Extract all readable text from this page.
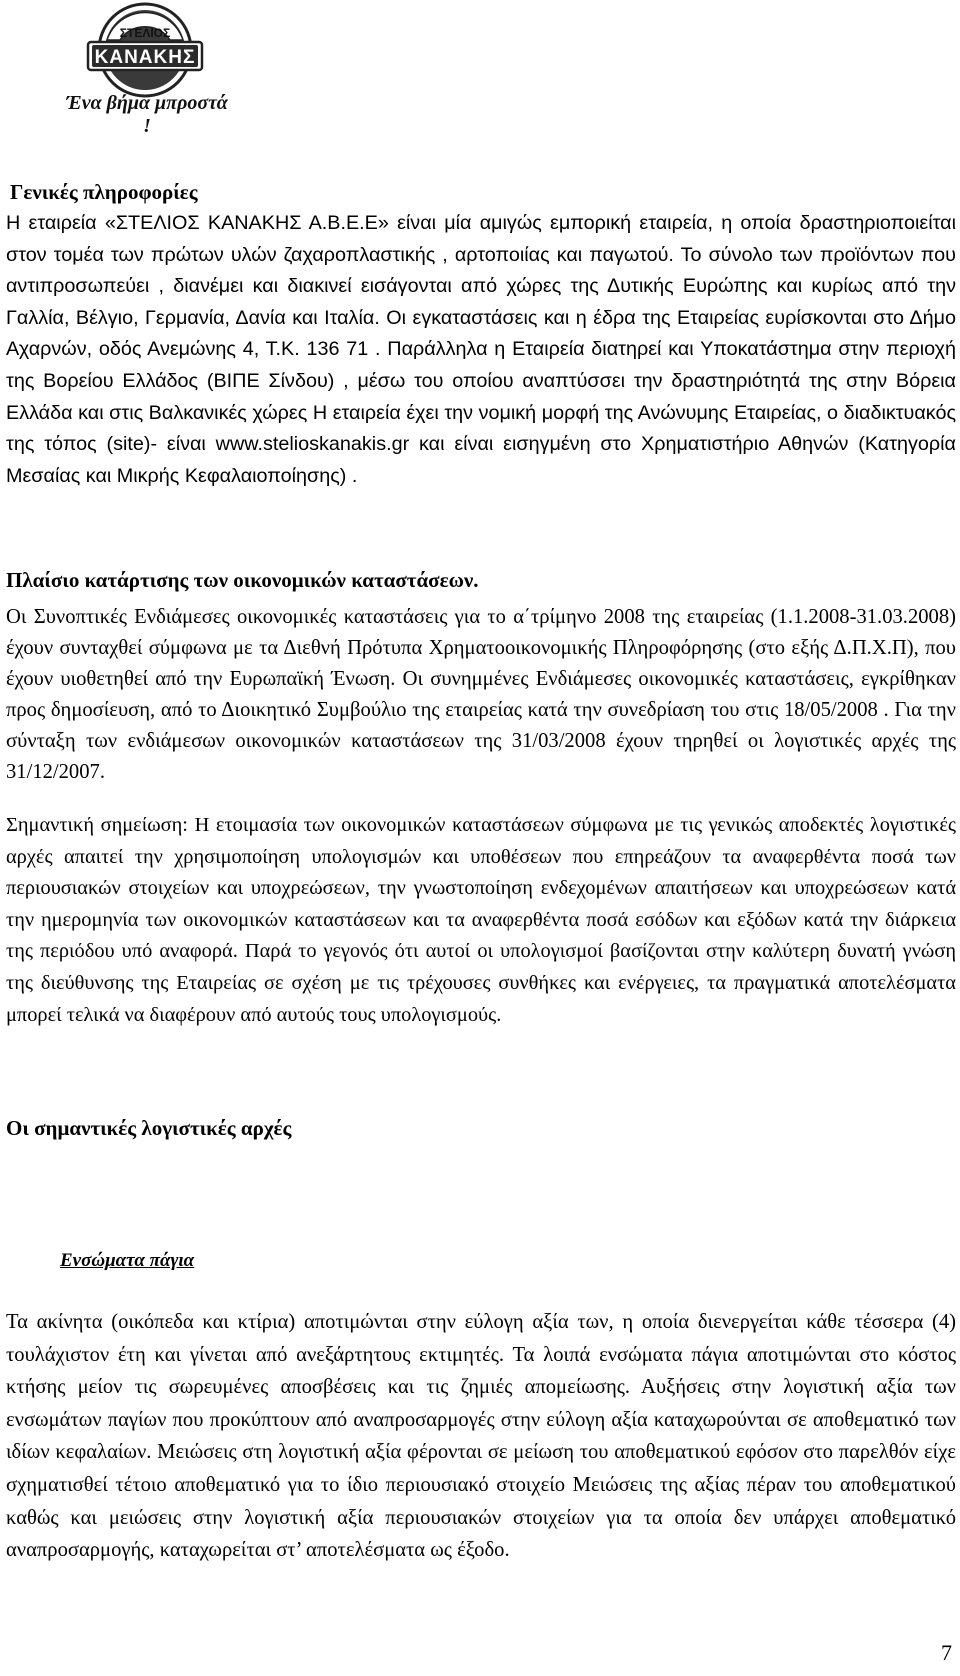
ΣΤΕΛΙΟΣ
ΚΑΝΑΚΗΣ
Ένα βήμα μπροστά !
Γενικές πληροφορίες

Η εταιρεία «ΣΤΕΛΙΟΣ ΚΑΝΑΚΗΣ Α.Β.Ε.Ε» είναι μία αμιγώς εμπορική εταιρεία, η οποία δραστηριοποιείται στον τομέα των πρώτων υλών ζαχαροπλαστικής , αρτοποιίας και παγωτού. Το σύνολο των προϊόντων που αντιπροσωπεύει , διανέμει και διακινεί εισάγονται από χώρες της Δυτικής Ευρώπης και κυρίως από την Γαλλία, Βέλγιο, Γερμανία, Δανία και Ιταλία. Οι εγκαταστάσεις και η έδρα της Εταιρείας ευρίσκονται στο Δήμο Αχαρνών, οδός Ανεμώνης 4, Τ.Κ. 136 71 . Παράλληλα η Εταιρεία διατηρεί και Υποκατάστημα στην περιοχή της Βορείου Ελλάδος (ΒΙΠΕ Σίνδου) , μέσω του οποίου αναπτύσσει την δραστηριότητά της στην Βόρεια Ελλάδα και στις Βαλκανικές χώρες Η εταιρεία έχει την νομική μορφή της Ανώνυμης Εταιρείας, ο διαδικτυακός της τόπος (site)- είναι www.stelioskanakis.gr και είναι εισηγμένη στο Χρηματιστήριο Αθηνών (Κατηγορία Μεσαίας και Μικρής Κεφαλαιοποίησης) .

Πλαίσιο κατάρτισης των οικονομικών καταστάσεων.

Οι Συνοπτικές Ενδιάμεσες οικονομικές καταστάσεις για το α΄τρίμηνο 2008 της εταιρείας (1.1.2008-31.03.2008) έχουν συνταχθεί σύμφωνα με τα Διεθνή Πρότυπα Χρηματοοικονομικής Πληροφόρησης (στο εξής Δ.Π.Χ.Π), που έχουν υιοθετηθεί από την Ευρωπαϊκή Ένωση. Οι συνημμένες Ενδιάμεσες οικονομικές καταστάσεις, εγκρίθηκαν προς δημοσίευση, από το Διοικητικό Συμβούλιο της εταιρείας κατά την συνεδρίαση του στις 18/05/2008 . Για την σύνταξη των ενδιάμεσων οικονομικών καταστάσεων της 31/03/2008 έχουν τηρηθεί οι λογιστικές αρχές της 31/12/2007.

Σημαντική σημείωση: Η ετοιμασία των οικονομικών καταστάσεων σύμφωνα με τις γενικώς αποδεκτές λογιστικές αρχές απαιτεί την χρησιμοποίηση υπολογισμών και υποθέσεων που επηρεάζουν τα αναφερθέντα ποσά των περιουσιακών στοιχείων και υποχρεώσεων, την γνωστοποίηση ενδεχομένων απαιτήσεων και υποχρεώσεων κατά την ημερομηνία των οικονομικών καταστάσεων και τα αναφερθέντα ποσά εσόδων και εξόδων κατά την διάρκεια της περιόδου υπό αναφορά. Παρά το γεγονός ότι αυτοί οι υπολογισμοί βασίζονται στην καλύτερη δυνατή γνώση της διεύθυνσης της Εταιρείας σε σχέση με τις τρέχουσες συνθήκες και ενέργειες, τα πραγματικά αποτελέσματα μπορεί τελικά να διαφέρουν από αυτούς τους υπολογισμούς.

Οι σημαντικές λογιστικές αρχές
Ενσώματα πάγια

Τα ακίνητα (οικόπεδα και κτίρια) αποτιμώνται στην εύλογη αξία των, η οποία διενεργείται κάθε τέσσερα (4) τουλάχιστον έτη και γίνεται από ανεξάρτητους εκτιμητές. Τα λοιπά ενσώματα πάγια αποτιμώνται στο κόστος κτήσης μείον τις σωρευμένες αποσβέσεις και τις ζημιές απομείωσης. Αυξήσεις στην λογιστική αξία των ενσωμάτων παγίων που προκύπτουν από αναπροσαρμογές στην εύλογη αξία καταχωρούνται σε αποθεματικό των ιδίων κεφαλαίων. Μειώσεις στη λογιστική αξία φέρονται σε μείωση του αποθεματικού εφόσον στο παρελθόν είχε σχηματισθεί τέτοιο αποθεματικό για το ίδιο περιουσιακό στοιχείο Μειώσεις της αξίας πέραν του αποθεματικού καθώς και μειώσεις στην λογιστική αξία περιουσιακών στοιχείων για τα οποία δεν υπάρχει αποθεματικό αναπροσαρμογής, καταχωρείται στ’ αποτελέσματα ως έξοδο.

7
